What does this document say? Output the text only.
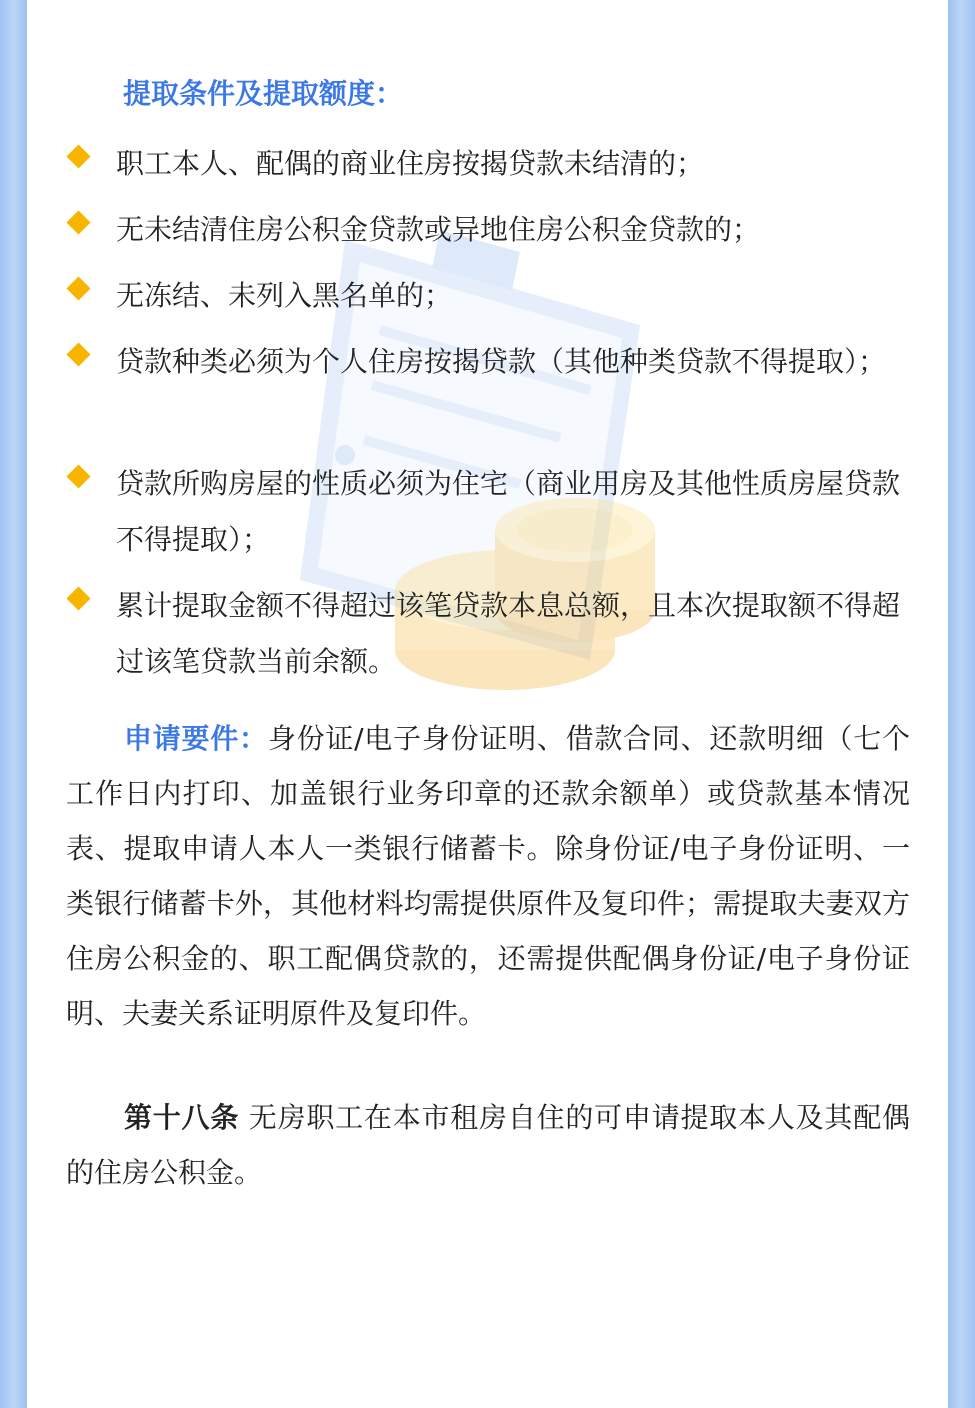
提取条件及提取额度：
职工本人、配偶的商业住房按揭贷款未结清的；
无未结清住房公积金贷款或异地住房公积金贷款的；
无冻结、未列入黑名单的；
贷款种类必须为个人住房按揭贷款（其他种类贷款不得提取）；
贷款所购房屋的性质必须为住宅（商业用房及其他性质房屋贷款不得提取）；
累计提取金额不得超过该笔贷款本息总额，且本次提取额不得超过该笔贷款当前余额。
申请要件：身份证/电子身份证明、借款合同、还款明细（七个工作日内打印、加盖银行业务印章的还款余额单）或贷款基本情况表、提取申请人本人一类银行储蓄卡。除身份证/电子身份证明、一类银行储蓄卡外，其他材料均需提供原件及复印件；需提取夫妻双方住房公积金的、职工配偶贷款的，还需提供配偶身份证/电子身份证明、夫妻关系证明原件及复印件。
第十八条 无房职工在本市租房自住的可申请提取本人及其配偶的住房公积金。
